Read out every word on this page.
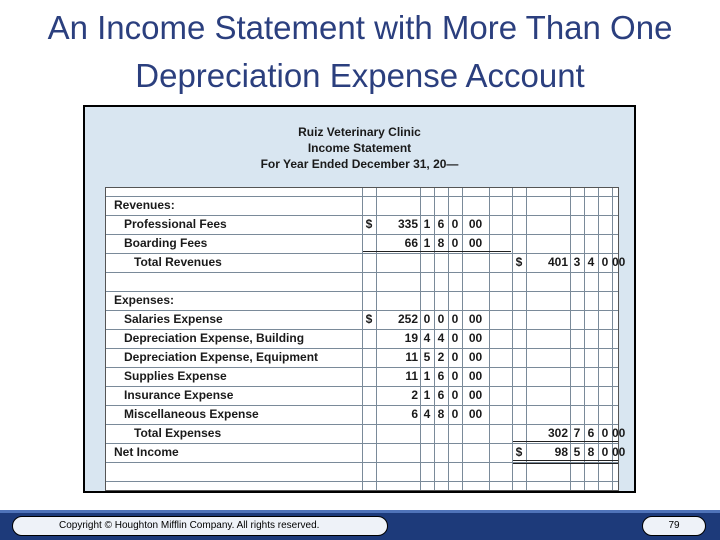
An Income Statement with More Than One
Depreciation Expense Account
Ruiz Veterinary Clinic
Income Statement
For Year Ended December 31, 20—
Revenues:
Professional Fees	$	335 1 6 0 00
Boarding Fees	66 1 8 0 00
Total Revenues	$	401 3 4 0 00
Expenses:
Salaries Expense	$	252 0 0 0 00
Depreciation Expense, Building	19 4 4 0 00
Depreciation Expense, Equipment	11 5 2 0 00
Supplies Expense	11 1 6 0 00
Insurance Expense	2 1 6 0 00
Miscellaneous Expense	6 4 8 0 00
Total Expenses	302 7 6 0 00
Net Income	$	98 5 8 0 00
Copyright © Houghton Mifflin Company. All rights reserved.	79
